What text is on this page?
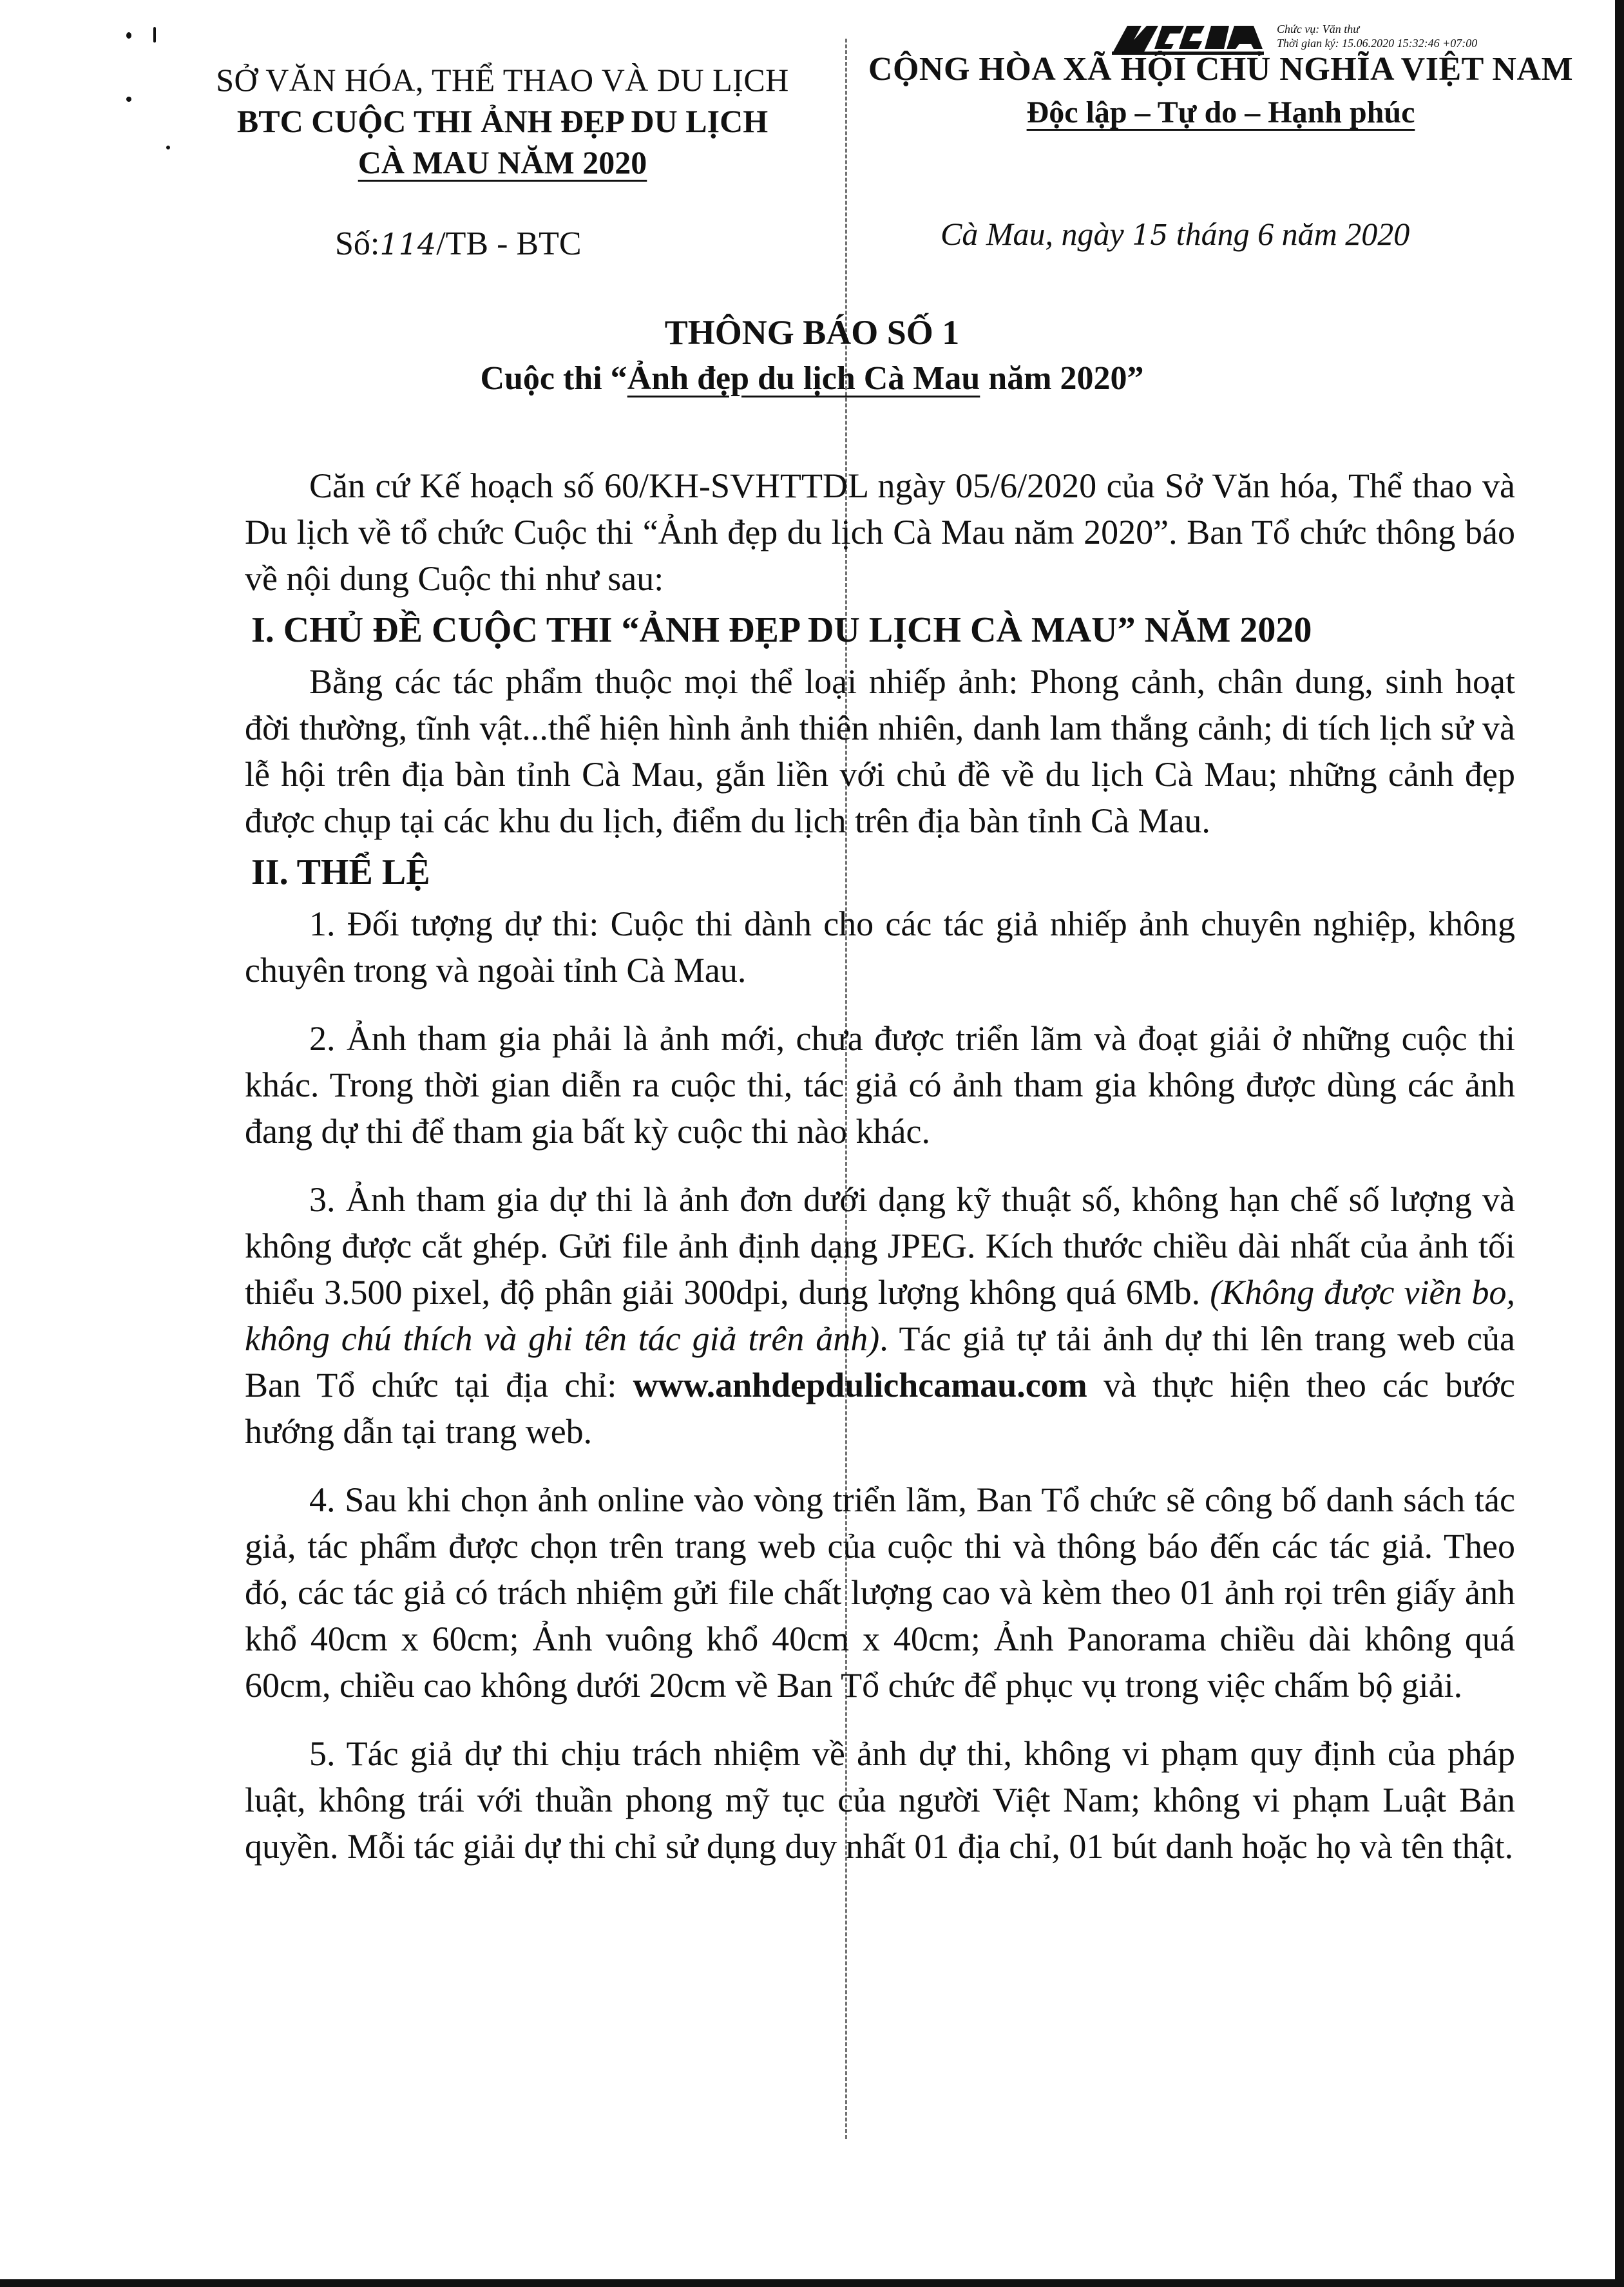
Chức vụ: Văn thư
Thời gian ký: 15.06.2020 15:32:46 +07:00
SỞ VĂN HÓA, THỂ THAO VÀ DU LỊCH
BTC CUỘC THI ẢNH ĐẸP DU LỊCH
CÀ MAU NĂM 2020
CỘNG HÒA XÃ HỘI CHỦ NGHĨA VIỆT NAM
Độc lập – Tự do – Hạnh phúc
Số:114/TB - BTC	Cà Mau, ngày 15 tháng 6 năm 2020
THÔNG BÁO SỐ 1
Cuộc thi “Ảnh đẹp du lịch Cà Mau năm 2020”

Căn cứ Kế hoạch số 60/KH-SVHTTDL ngày 05/6/2020 của Sở Văn hóa, Thể thao và Du lịch về tổ chức Cuộc thi “Ảnh đẹp du lịch Cà Mau năm 2020”. Ban Tổ chức thông báo về nội dung Cuộc thi như sau:

I. CHỦ ĐỀ CUỘC THI “ẢNH ĐẸP DU LỊCH CÀ MAU” NĂM 2020

Bằng các tác phẩm thuộc mọi thể loại nhiếp ảnh: Phong cảnh, chân dung, sinh hoạt đời thường, tĩnh vật...thể hiện hình ảnh thiên nhiên, danh lam thắng cảnh; di tích lịch sử và lễ hội trên địa bàn tỉnh Cà Mau, gắn liền với chủ đề về du lịch Cà Mau; những cảnh đẹp được chụp tại các khu du lịch, điểm du lịch trên địa bàn tỉnh Cà Mau.

II. THỂ LỆ

1. Đối tượng dự thi: Cuộc thi dành cho các tác giả nhiếp ảnh chuyên nghiệp, không chuyên trong và ngoài tỉnh Cà Mau.

2. Ảnh tham gia phải là ảnh mới, chưa được triển lãm và đoạt giải ở những cuộc thi khác. Trong thời gian diễn ra cuộc thi, tác giả có ảnh tham gia không được dùng các ảnh đang dự thi để tham gia bất kỳ cuộc thi nào khác.

3. Ảnh tham gia dự thi là ảnh đơn dưới dạng kỹ thuật số, không hạn chế số lượng và không được cắt ghép. Gửi file ảnh định dạng JPEG. Kích thước chiều dài nhất của ảnh tối thiểu 3.500 pixel, độ phân giải 300dpi, dung lượng không quá 6Mb. (Không được viền bo, không chú thích và ghi tên tác giả trên ảnh). Tác giả tự tải ảnh dự thi lên trang web của Ban Tổ chức tại địa chỉ: www.anhdepdulichcamau.com và thực hiện theo các bước hướng dẫn tại trang web.

4. Sau khi chọn ảnh online vào vòng triển lãm, Ban Tổ chức sẽ công bố danh sách tác giả, tác phẩm được chọn trên trang web của cuộc thi và thông báo đến các tác giả. Theo đó, các tác giả có trách nhiệm gửi file chất lượng cao và kèm theo 01 ảnh rọi trên giấy ảnh khổ 40cm x 60cm; Ảnh vuông khổ 40cm x 40cm; Ảnh Panorama chiều dài không quá 60cm, chiều cao không dưới 20cm về Ban Tổ chức để phục vụ trong việc chấm bộ giải.

5. Tác giả dự thi chịu trách nhiệm về ảnh dự thi, không vi phạm quy định của pháp luật, không trái với thuần phong mỹ tục của người Việt Nam; không vi phạm Luật Bản quyền. Mỗi tác giải dự thi chỉ sử dụng duy nhất 01 địa chỉ, 01 bút danh hoặc họ và tên thật.
